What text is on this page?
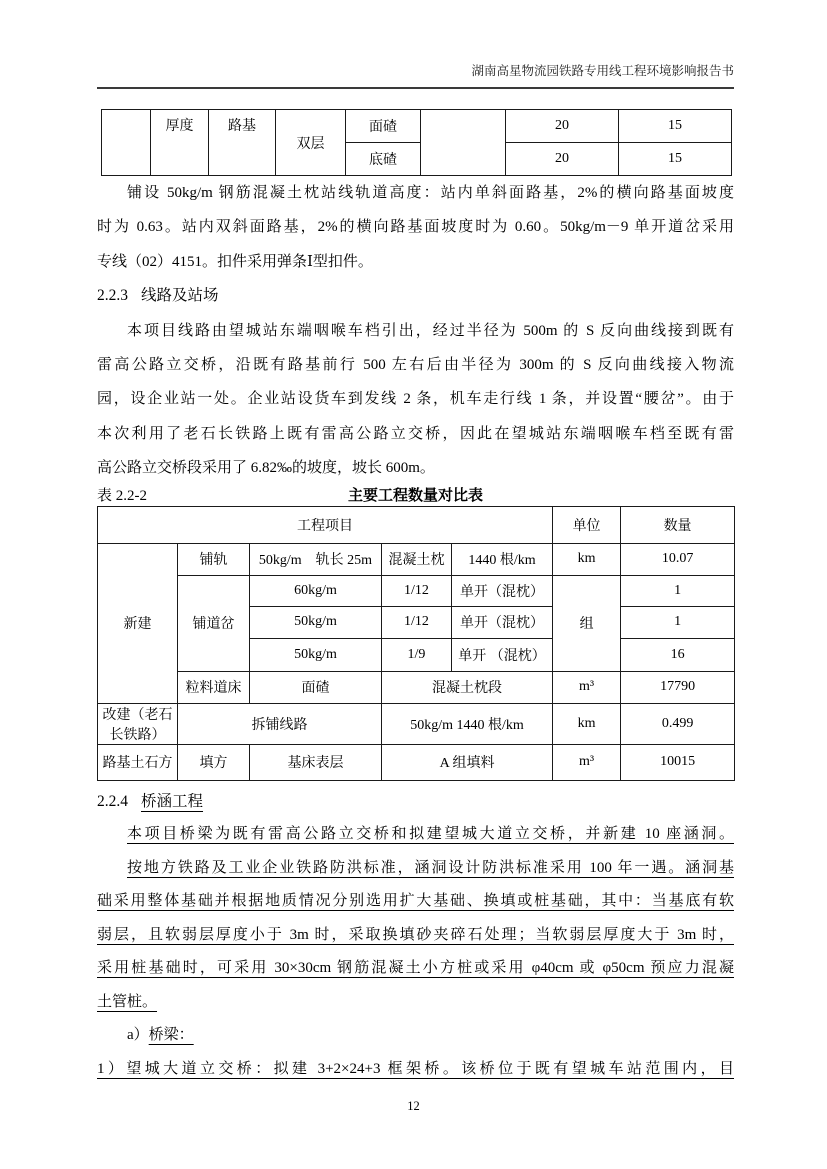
湖南高星物流园铁路专用线工程环境影响报告书
	厚度	路基	双层	面碴		20	15
				底碴		20	15
铺设 50kg/m 钢筋混凝土枕站线轨道高度：站内单斜面路基，2%的横向路基面坡度
时为 0.63。站内双斜面路基，2%的横向路基面坡度时为 0.60。50kg/m－9 单开道岔采用
专线（02）4151。扣件采用弹条Ⅰ型扣件。
2.2.3 线路及站场
本项目线路由望城站东端咽喉车档引出，经过半径为 500m 的 S 反向曲线接到既有
雷高公路立交桥，沿既有路基前行 500 左右后由半径为 300m 的 S 反向曲线接入物流
园，设企业站一处。企业站设货车到发线 2 条，机车走行线 1 条，并设置“腰岔”。由于
本次利用了老石长铁路上既有雷高公路立交桥，因此在望城站东端咽喉车档至既有雷
高公路立交桥段采用了 6.82‰的坡度，坡长 600m。
表 2.2-2	主要工程数量对比表
工程项目					单位	数量
新建	铺轨	50kg/m　轨长 25m	混凝土枕	1440 根/km	km	10.07
	铺道岔	60kg/m	1/12	单开（混枕）	组	1
		50kg/m	1/12	单开（混枕）		1
		50kg/m	1/9	单开 （混枕）		16
	粒料道床	面碴	混凝土枕段		m³	17790
改建（老石长铁路）	拆铺线路		50kg/m 1440 根/km		km	0.499
路基土石方	填方	基床表层	A 组填料		m³	10015
2.2.4 桥涵工程
本项目桥梁为既有雷高公路立交桥和拟建望城大道立交桥，并新建 10 座涵洞。
按地方铁路及工业企业铁路防洪标准，涵洞设计防洪标准采用 100 年一遇。涵洞基
础采用整体基础并根据地质情况分别选用扩大基础、换填或桩基础，其中：当基底有软
弱层，且软弱层厚度小于 3m 时，采取换填砂夹碎石处理；当软弱层厚度大于 3m 时，
采用桩基础时，可采用 30×30cm 钢筋混凝土小方桩或采用 φ40cm 或 φ50cm 预应力混凝
土管桩。
a）桥梁：
1）望城大道立交桥：拟建 3+2×24+3 框架桥。该桥位于既有望城车站范围内，目
12
